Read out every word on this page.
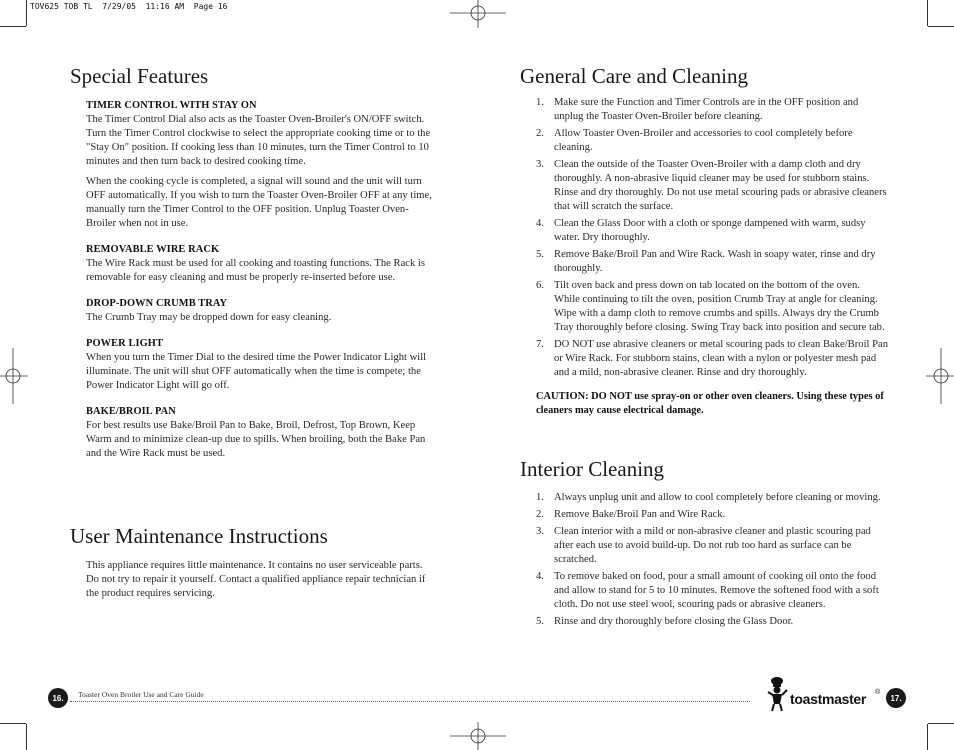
TOV625 TOB TL  7/29/05  11:16 AM  Page 16
Special Features
TIMER CONTROL WITH STAY ON

The Timer Control Dial also acts as the Toaster Oven-Broiler's ON/OFF switch. Turn the Timer Control clockwise to select the appropriate cooking time or to the "Stay On" position. If cooking less than 10 minutes, turn the Timer Control to 10 minutes and then turn back to desired cooking time.

When the cooking cycle is completed, a signal will sound and the unit will turn OFF automatically. If you wish to turn the Toaster Oven-Broiler OFF at any time, manually turn the Timer Control to the OFF position. Unplug Toaster Oven-Broiler when not in use.

REMOVABLE WIRE RACK

The Wire Rack must be used for all cooking and toasting functions. The Rack is removable for easy cleaning and must be properly re-inserted before use.

DROP-DOWN CRUMB TRAY

The Crumb Tray may be dropped down for easy cleaning.

POWER LIGHT

When you turn the Timer Dial to the desired time the Power Indicator Light will illuminate. The unit will shut OFF automatically when the time is compete; the Power Indicator Light will go off.

BAKE/BROIL PAN

For best results use Bake/Broil Pan to Bake, Broil, Defrost, Top Brown, Keep Warm and to minimize clean-up due to spills. When broiling, both the Bake Pan and the Wire Rack must be used.

User Maintenance Instructions

This appliance requires little maintenance. It contains no user serviceable parts. Do not try to repair it yourself. Contact a qualified appliance repair technician if the product requires servicing.

General Care and Cleaning
1. Make sure the Function and Timer Controls are in the OFF position and unplug the Toaster Oven-Broiler before cleaning.
2. Allow Toaster Oven-Broiler and accessories to cool completely before cleaning.
3. Clean the outside of the Toaster Oven-Broiler with a damp cloth and dry thoroughly. A non-abrasive liquid cleaner may be used for stubborn stains. Rinse and dry thoroughly. Do not use metal scouring pads or abrasive cleaners that will scratch the surface.
4. Clean the Glass Door with a cloth or sponge dampened with warm, sudsy water. Dry thoroughly.
5. Remove Bake/Broil Pan and Wire Rack. Wash in soapy water, rinse and dry thoroughly.
6. Tilt oven back and press down on tab located on the bottom of the oven. While continuing to tilt the oven, position Crumb Tray at angle for cleaning. Wipe with a damp cloth to remove crumbs and spills. Always dry the Crumb Tray thoroughly before closing. Swing Tray back into position and secure tab.
7. DO NOT use abrasive cleaners or metal scouring pads to clean Bake/Broil Pan or Wire Rack. For stubborn stains, clean with a nylon or polyester mesh pad and a mild, non-abrasive cleaner. Rinse and dry thoroughly.

CAUTION: DO NOT use spray-on or other oven cleaners. Using these types of cleaners may cause electrical damage.

Interior Cleaning
1. Always unplug unit and allow to cool completely before cleaning or moving.
2. Remove Bake/Broil Pan and Wire Rack.
3. Clean interior with a mild or non-abrasive cleaner and plastic scouring pad after each use to avoid build-up. Do not rub too hard as surface can be scratched.
4. To remove baked on food, pour a small amount of cooking oil onto the food and allow to stand for 5 to 10 minutes. Remove the softened food with a soft cloth. Do not use steel wool, scouring pads or abrasive cleaners.
5. Rinse and dry thoroughly before closing the Glass Door.
16.	Toaster Oven Broiler Use and Care Guide	toastmaster ®
17.
